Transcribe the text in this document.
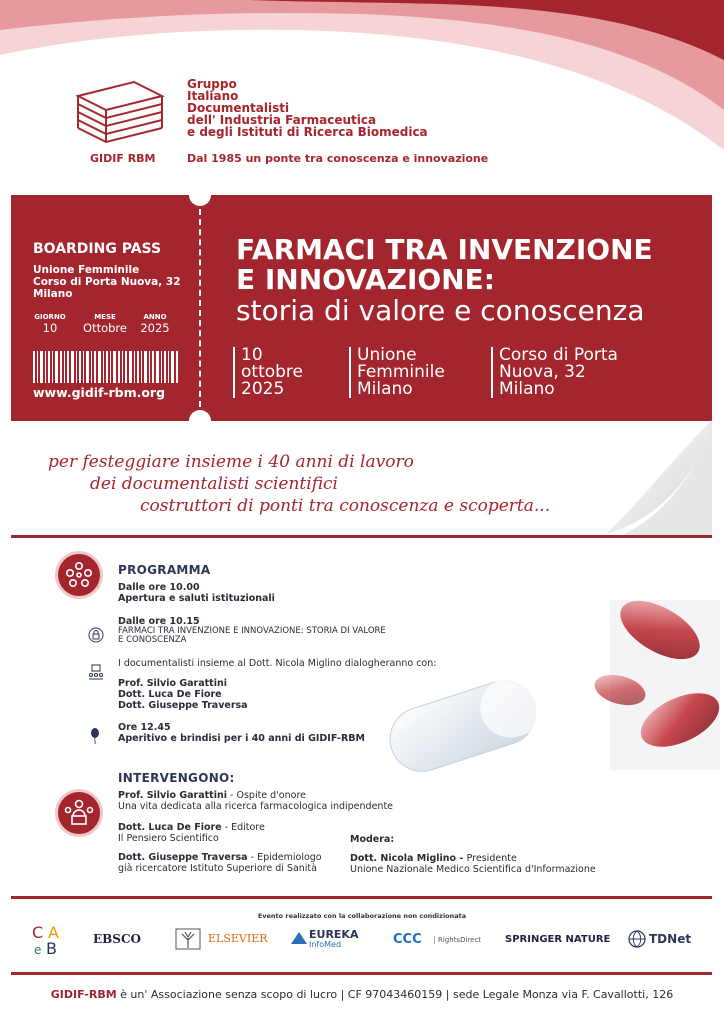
GIDIF RBM
Gruppo
Italiano
Documentalisti
dell' Industria Farmaceutica
e degli Istituti di Ricerca Biomedica
Dal 1985 un ponte tra conoscenza e innovazione
BOARDING PASS
Unione Femminile
Corso di Porta Nuova, 32
Milano
GIORNO
10
MESE
Ottobre
ANNO
2025
www.gidif-rbm.org
FARMACI TRA INVENZIONE
E INNOVAZIONE:
storia di valore e conoscenza
10
ottobre
2025
Unione
Femminile
Milano
Corso di Porta
Nuova, 32
Milano
per festeggiare insieme i 40 anni di lavoro
dei documentalisti scientifici
costruttori di ponti tra conoscenza e scoperta...
PROGRAMMA
Dalle ore 10.00
Apertura e saluti istituzionali
Dalle ore 10.15
FARMACI TRA INVENZIONE E INNOVAZIONE: STORIA DI VALORE
E CONOSCENZA
I documentalisti insieme al Dott. Nicola Miglino dialogheranno con:
Prof. Silvio Garattini
Dott. Luca De Fiore
Dott. Giuseppe Traversa
Ore 12.45
Aperitivo e brindisi per i 40 anni di GIDIF-RBM
INTERVENGONO:
Prof. Silvio Garattini - Ospite d'onore
Una vita dedicata alla ricerca farmacologica indipendente
Dott. Luca De Fiore - Editore
Il Pensiero Scientifico
Dott. Giuseppe Traversa - Epidemiologo
già ricercatore Istituto Superiore di Sanità
Modera:
Dott. Nicola Miglino - Presidente
Unione Nazionale Medico Scientifica d'Informazione
Evento realizzato con la collaborazione non condizionata
C A
e B	EBSCO	ELSEVIER	EUREKA
InfoMed	CCC	RightsDirect SPRINGER NATURE	TDNet
GIDIF-RBM è un' Associazione senza scopo di lucro | CF 97043460159 | sede Legale Monza via F. Cavallotti, 126
